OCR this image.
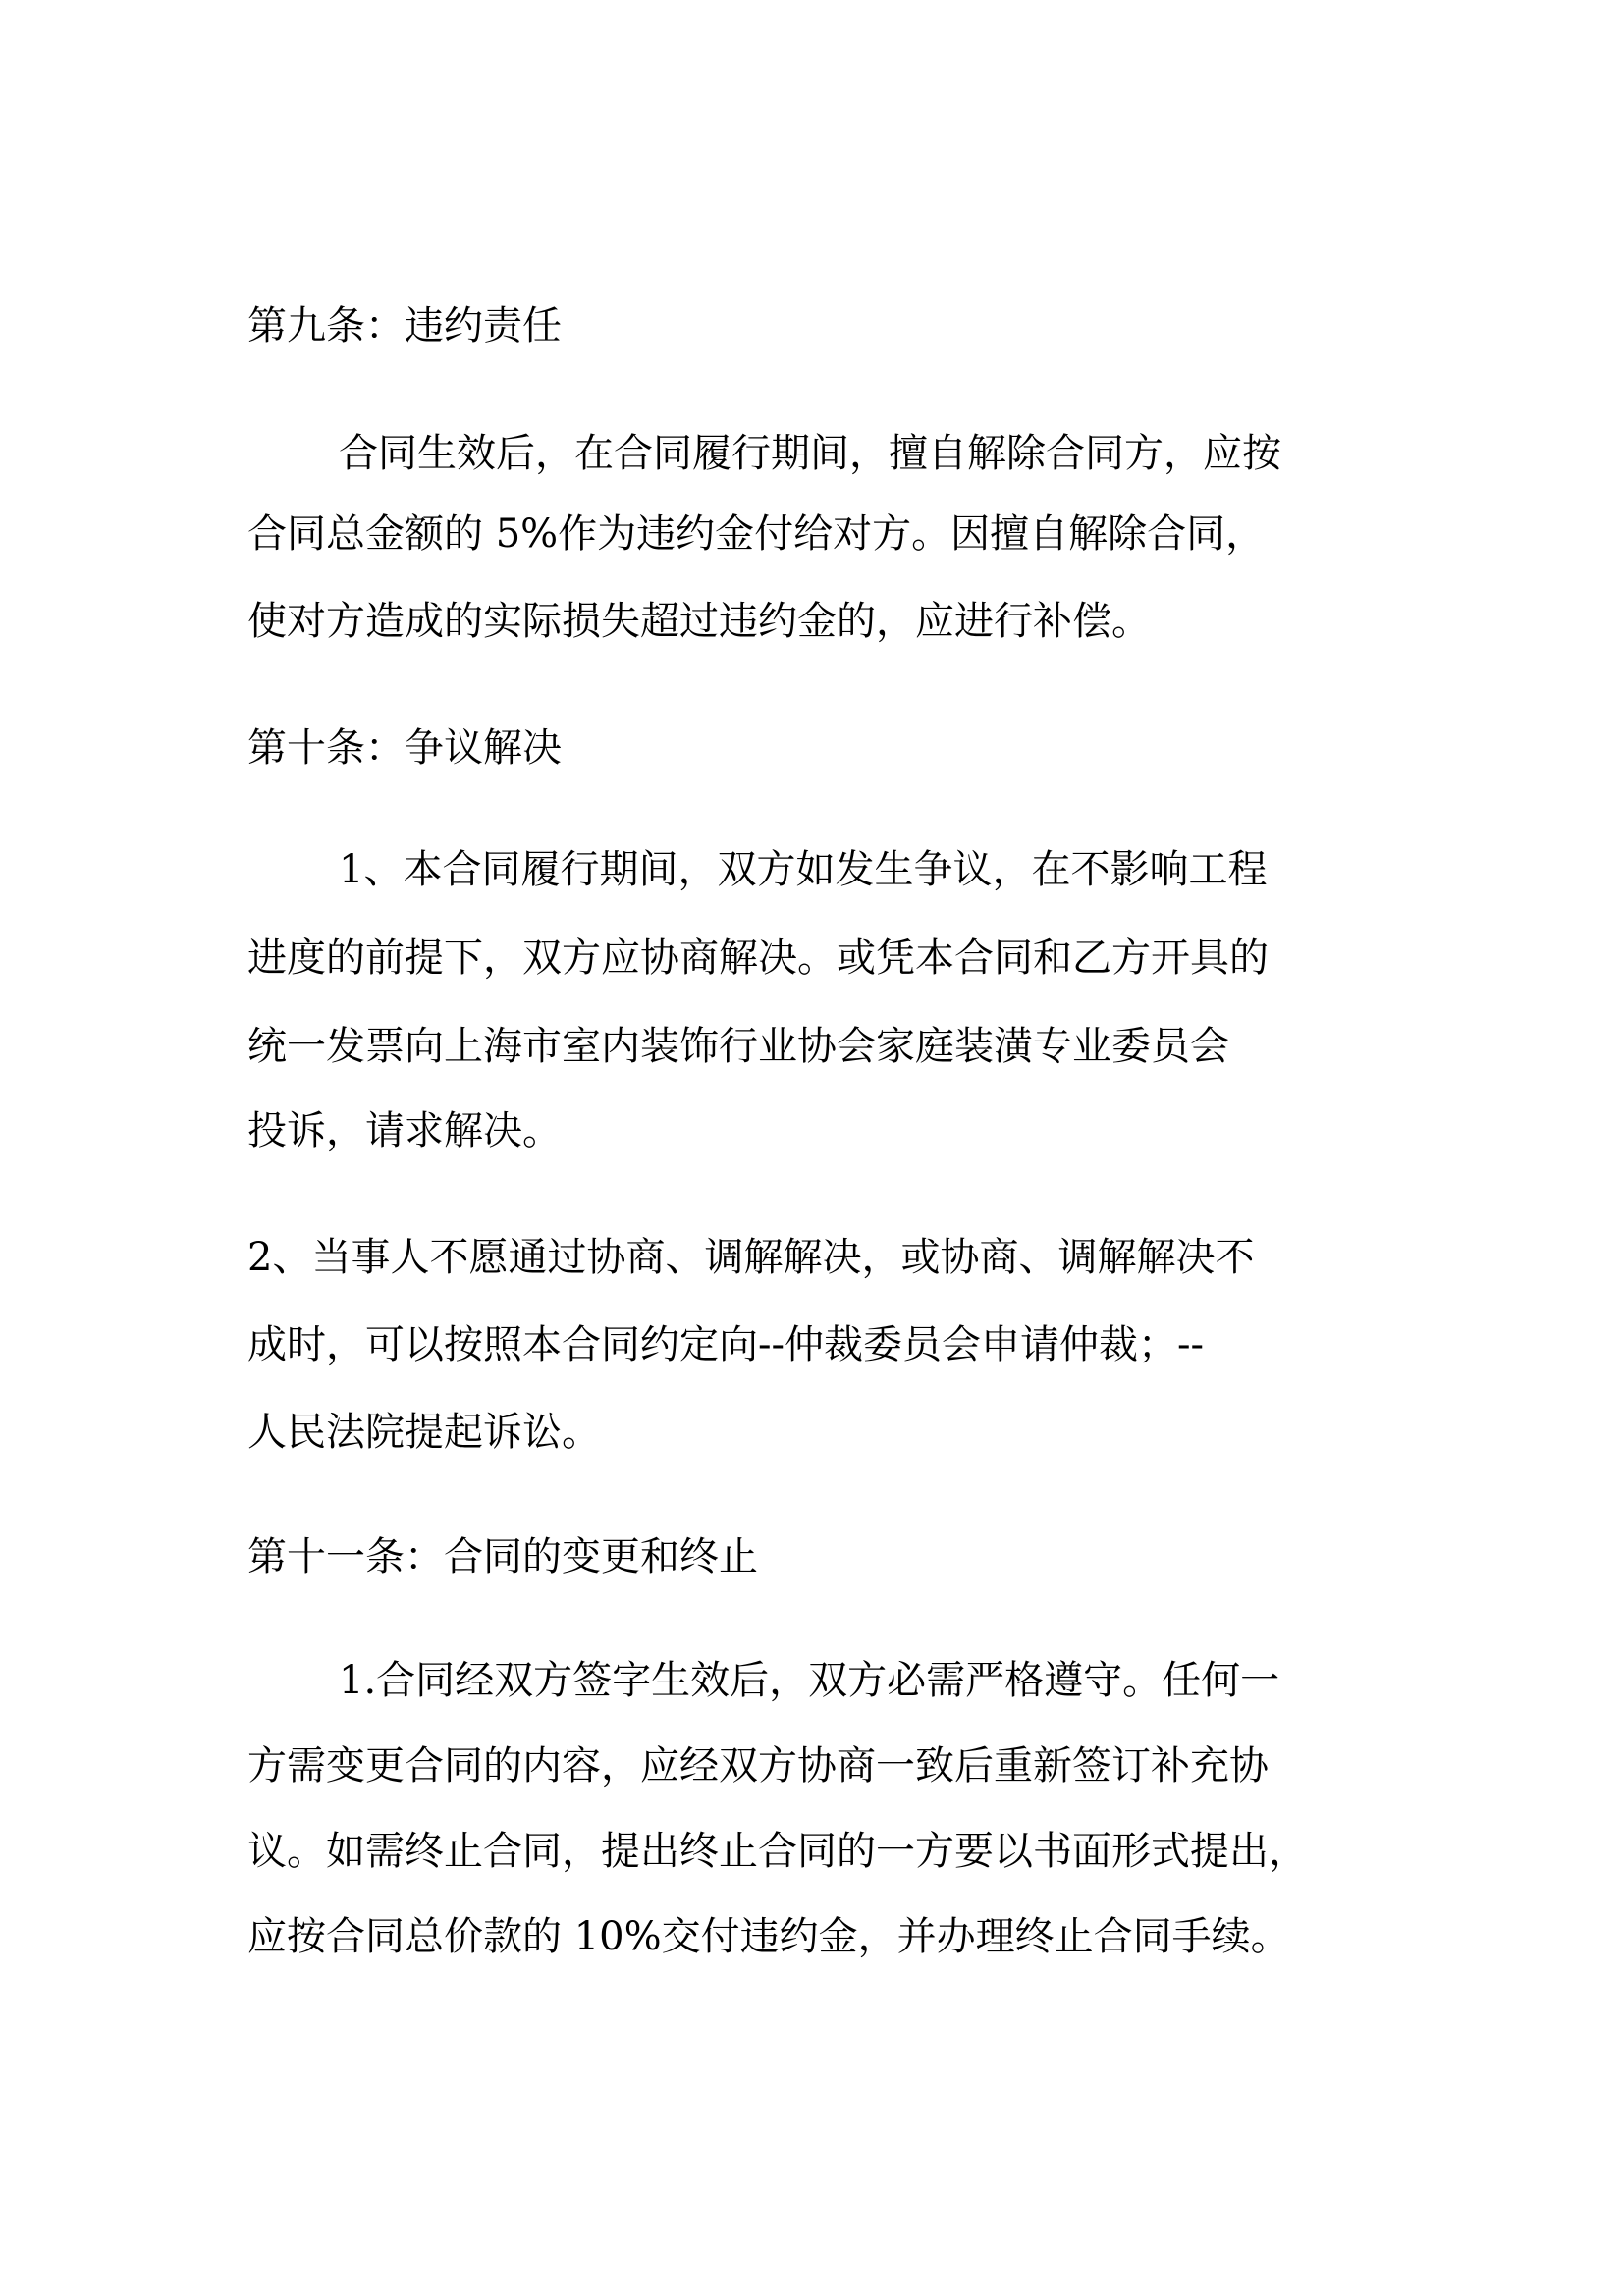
第九条：违约责任
合同生效后，在合同履行期间，擅自解除合同方，应按
合同总金额的 5%作为违约金付给对方。因擅自解除合同，
使对方造成的实际损失超过违约金的，应进行补偿。
第十条：争议解决
1、本合同履行期间，双方如发生争议，在不影响工程
进度的前提下，双方应协商解决。或凭本合同和乙方开具的
统一发票向上海市室内装饰行业协会家庭装潢专业委员会
投诉，请求解决。
2、当事人不愿通过协商、调解解决，或协商、调解解决不
成时，可以按照本合同约定向--仲裁委员会申请仲裁；--
人民法院提起诉讼。
第十一条：合同的变更和终止
1.合同经双方签字生效后，双方必需严格遵守。任何一
方需变更合同的内容，应经双方协商一致后重新签订补充协
议。如需终止合同，提出终止合同的一方要以书面形式提出，
应按合同总价款的 10%交付违约金，并办理终止合同手续。
